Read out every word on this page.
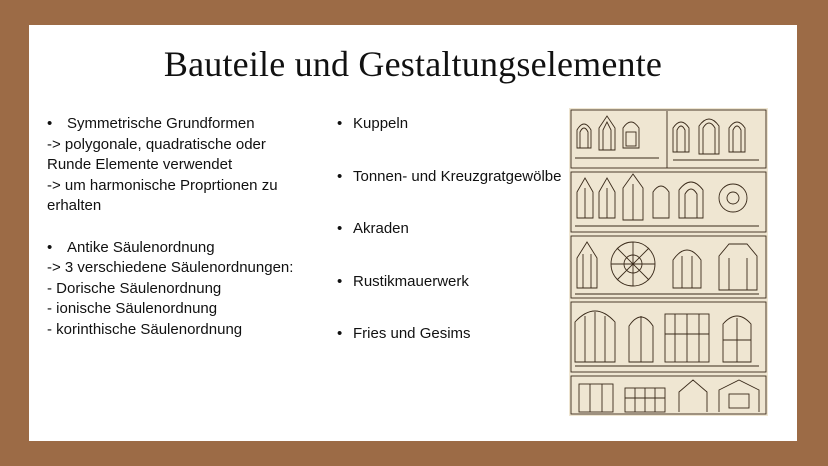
Bauteile und Gestaltungselemente
• Symmetrische Grundformen
-> polygonale, quadratische oder
Runde Elemente verwendet
-> um harmonische Proprtionen zu
erhalten
• Antike Säulenordnung
-> 3 verschiedene Säulenordnungen:
- Dorische Säulenordnung
- ionische Säulenordnung
- korinthische Säulenordnung
• Kuppeln
• Tonnen- und Kreuzgratgewölbe
• Akraden
• Rustikmauerwerk
• Fries und Gesims
